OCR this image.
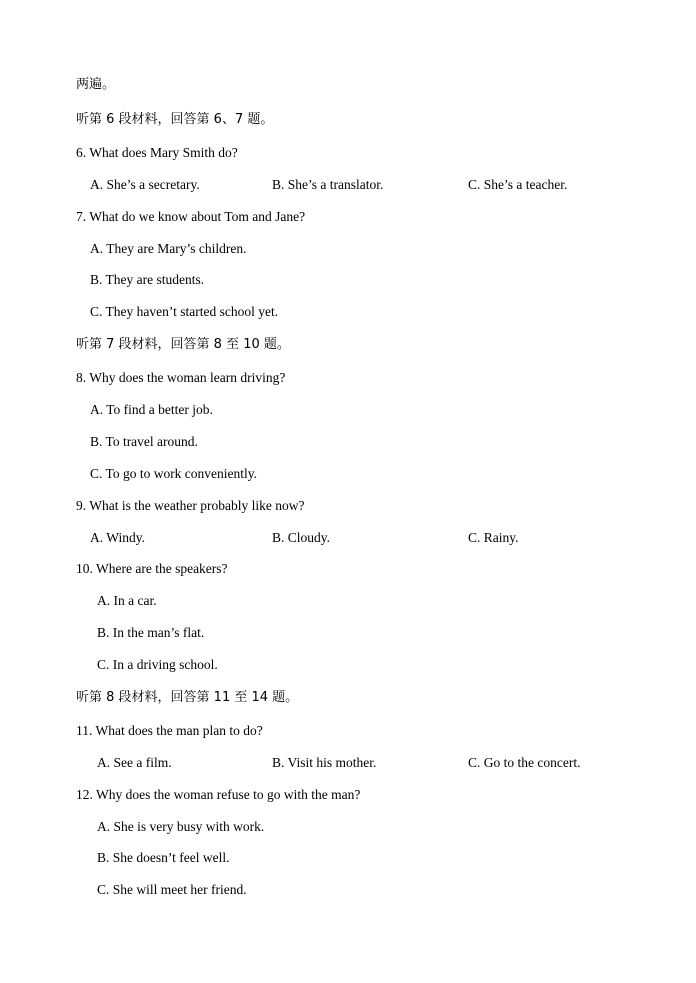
两遍。
听第 6 段材料，回答第 6、7 题。
6. What does Mary Smith do?
A. She’s a secretary.	B. She’s a translator.	C. She’s a teacher.
7. What do we know about Tom and Jane?
A. They are Mary’s children.
B. They are students.
C. They haven’t started school yet.
听第 7 段材料，回答第 8 至 10 题。
8. Why does the woman learn driving?
A. To find a better job.
B. To travel around.
C. To go to work conveniently.
9. What is the weather probably like now?
A. Windy.	B. Cloudy.	C. Rainy.
10. Where are the speakers?
A. In a car.
B. In the man’s flat.
C. In a driving school.
听第 8 段材料，回答第 11 至 14 题。
11. What does the man plan to do?
A. See a film.	B. Visit his mother.	C. Go to the concert.
12. Why does the woman refuse to go with the man?
A. She is very busy with work.
B. She doesn’t feel well.
C. She will meet her friend.
